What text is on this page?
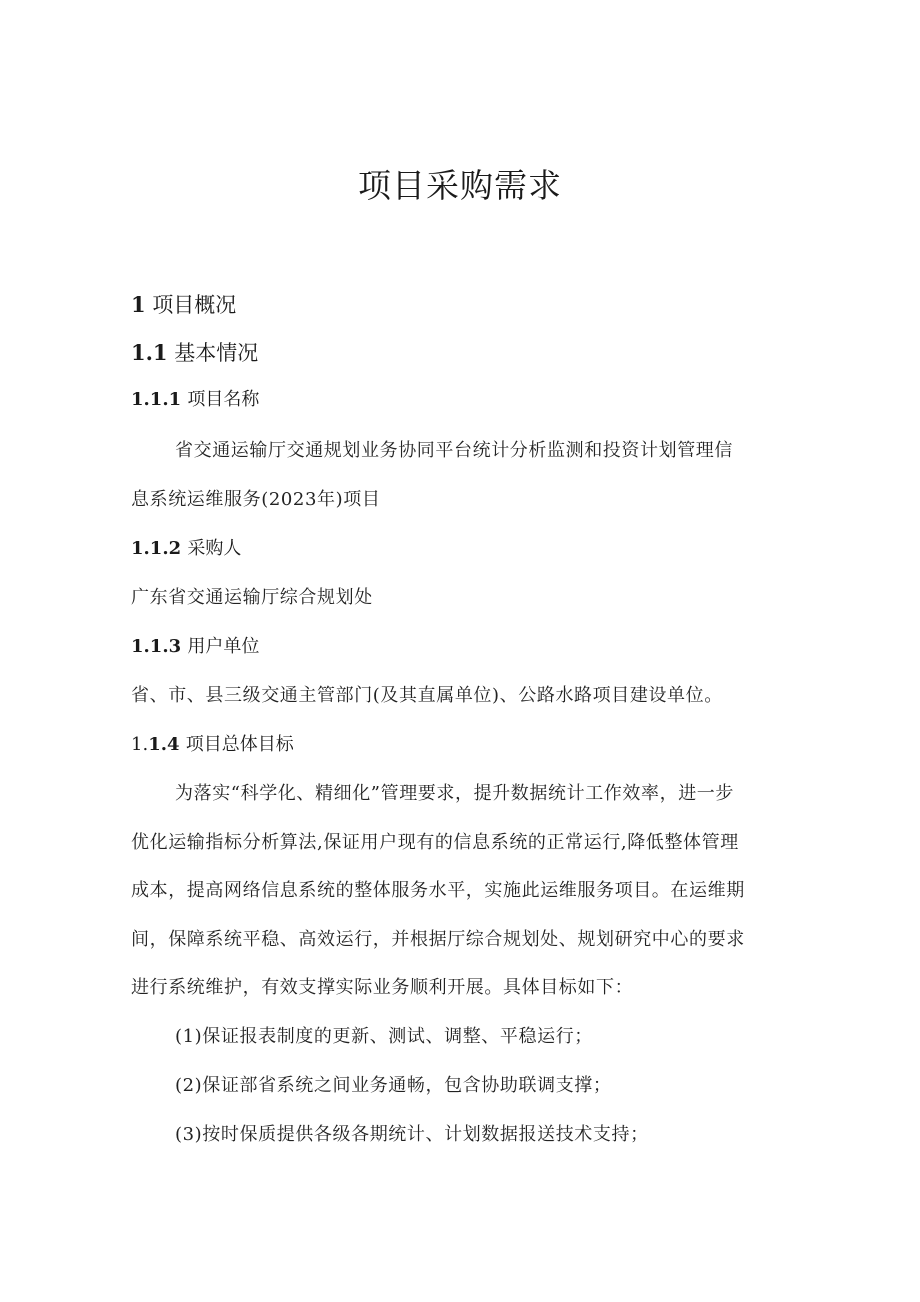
项目采购需求
1 项目概况
1.1 基本情况
1.1.1 项目名称
省交通运输厅交通规划业务协同平台统计分析监测和投资计划管理信
息系统运维服务(2023年)项目
1.1.2 采购人
广东省交通运输厅综合规划处
1.1.3 用户单位
省、市、县三级交通主管部门(及其直属单位)、公路水路项目建设单位。
1.1.4 项目总体目标
为落实“科学化、精细化”管理要求，提升数据统计工作效率，进一步
优化运输指标分析算法,保证用户现有的信息系统的正常运行,降低整体管理
成本，提高网络信息系统的整体服务水平，实施此运维服务项目。在运维期
间，保障系统平稳、高效运行，并根据厅综合规划处、规划研究中心的要求
进行系统维护，有效支撑实际业务顺利开展。具体目标如下：
(1)保证报表制度的更新、测试、调整、平稳运行；
(2)保证部省系统之间业务通畅，包含协助联调支撑；
(3)按时保质提供各级各期统计、计划数据报送技术支持；
